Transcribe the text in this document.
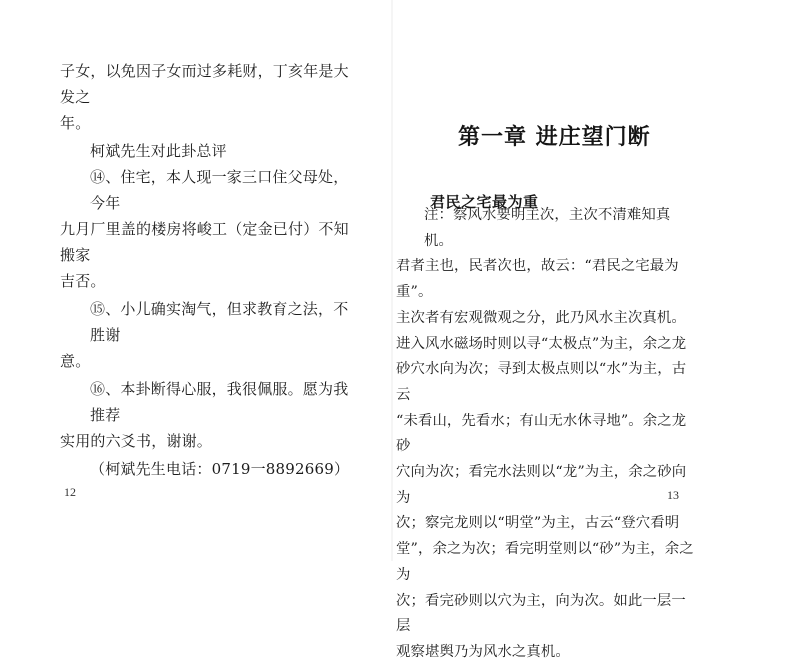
子女，以免因子女而过多耗财，丁亥年是大发之

年。

柯斌先生对此卦总评

⑭、住宅，本人现一家三口住父母处，今年

九月厂里盖的楼房将峻工（定金已付）不知搬家

吉否。

⑮、小儿确实淘气，但求教育之法，不胜谢

意。

⑯、本卦断得心服，我很佩服。愿为我推荐

实用的六爻书，谢谢。

（柯斌先生电话：0719一8892669）

12
第一章 进庄望门断
君民之宅最为重

注：察风水要明主次，主次不清难知真机。

君者主也，民者次也，故云：“君民之宅最为重”。

主次者有宏观微观之分，此乃风水主次真机。

进入风水磁场时则以寻“太极点”为主，余之龙

砂穴水向为次；寻到太极点则以“水”为主，古云

“未看山，先看水；有山无水休寻地”。余之龙砂

穴向为次；看完水法则以“龙”为主，余之砂向为

次；察完龙则以“明堂”为主，古云“登穴看明

堂”，余之为次；看完明堂则以“砂”为主，余之为

次；看完砂则以穴为主，向为次。如此一层一层

观察堪舆乃为风水之真机。

13
